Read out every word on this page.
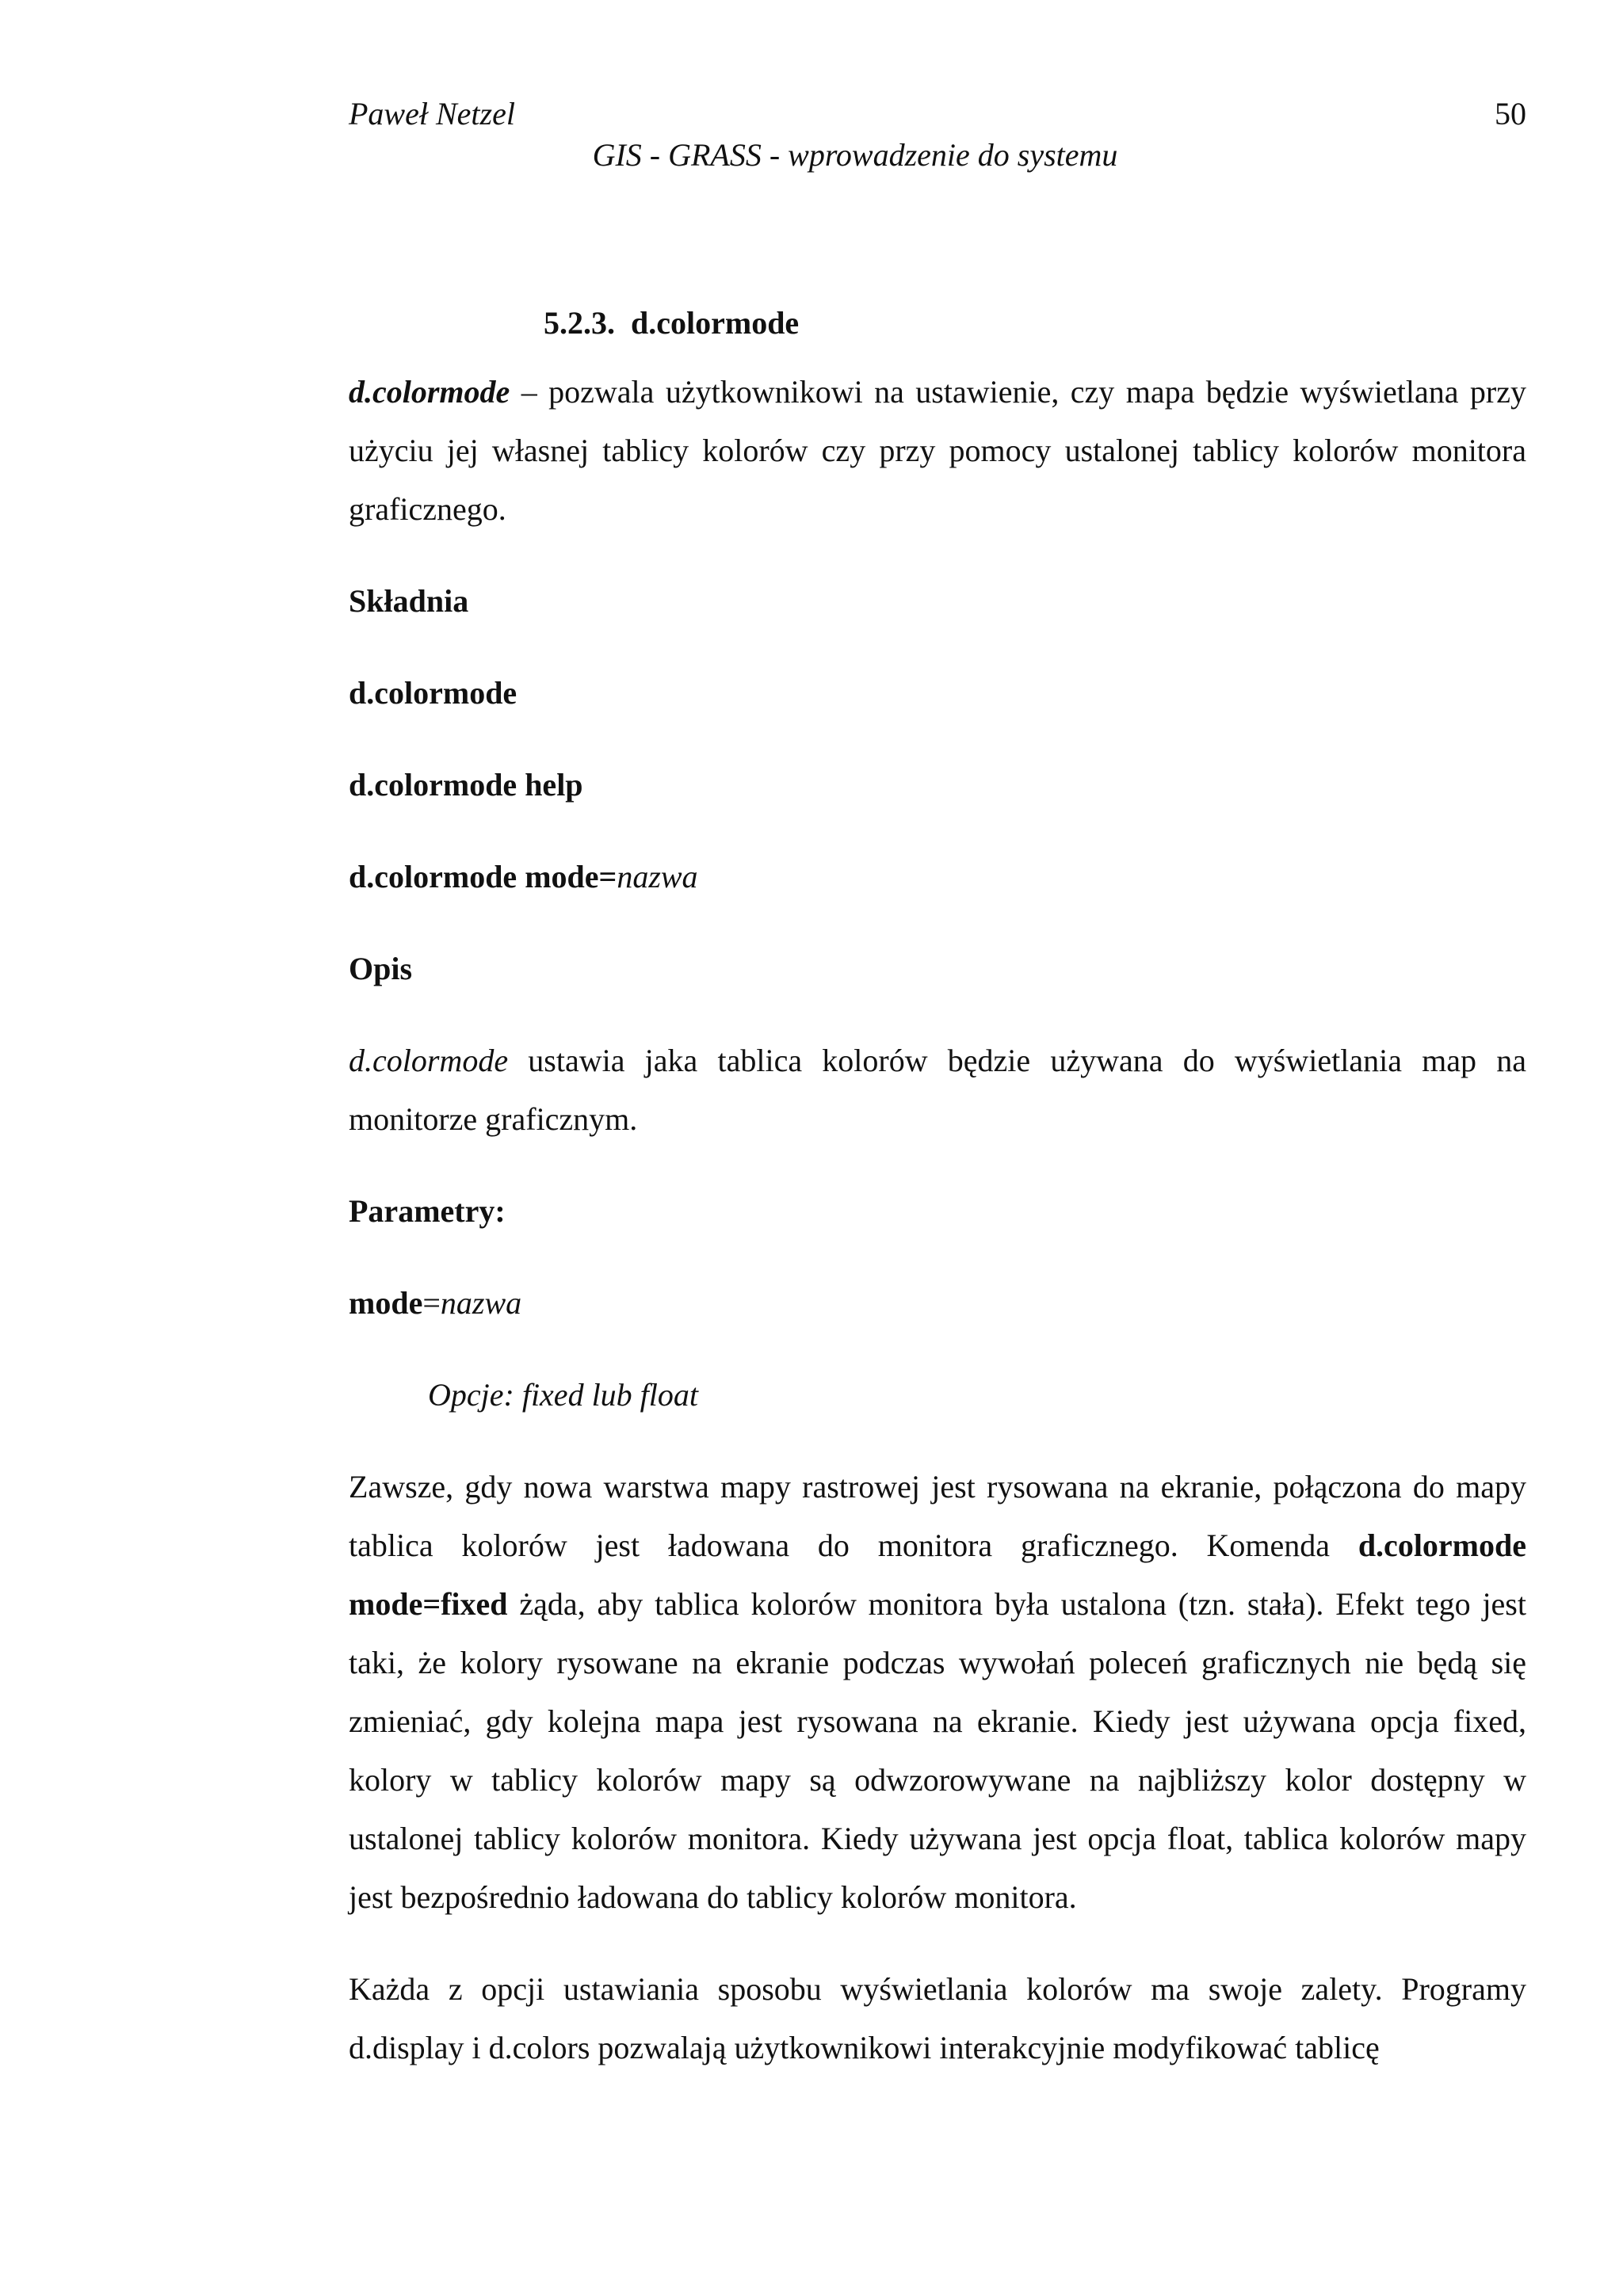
Paweł Netzel	50
GIS - GRASS - wprowadzenie do systemu
5.2.3. d.colormode

d.colormode – pozwala użytkownikowi na ustawienie, czy mapa będzie wyświetlana przy użyciu jej własnej tablicy kolorów czy przy pomocy ustalonej tablicy kolorów monitora graficznego.

Składnia

d.colormode

d.colormode help

d.colormode mode=nazwa

Opis

d.colormode ustawia jaka tablica kolorów będzie używana do wyświetlania map na monitorze graficznym.

Parametry:

mode=nazwa

Opcje: fixed lub float

Zawsze, gdy nowa warstwa mapy rastrowej jest rysowana na ekranie, połączona do mapy tablica kolorów jest ładowana do monitora graficznego. Komenda d.colormode mode=fixed żąda, aby tablica kolorów monitora była ustalona (tzn. stała). Efekt tego jest taki, że kolory rysowane na ekranie podczas wywołań poleceń graficznych nie będą się zmieniać, gdy kolejna mapa jest rysowana na ekranie. Kiedy jest używana opcja fixed, kolory w tablicy kolorów mapy są odwzorowywane na najbliższy kolor dostępny w ustalonej tablicy kolorów monitora. Kiedy używana jest opcja float, tablica kolorów mapy jest bezpośrednio ładowana do tablicy kolorów monitora.

Każda z opcji ustawiania sposobu wyświetlania kolorów ma swoje zalety. Programy d.display i d.colors pozwalają użytkownikowi interakcyjnie modyfikować tablicę
